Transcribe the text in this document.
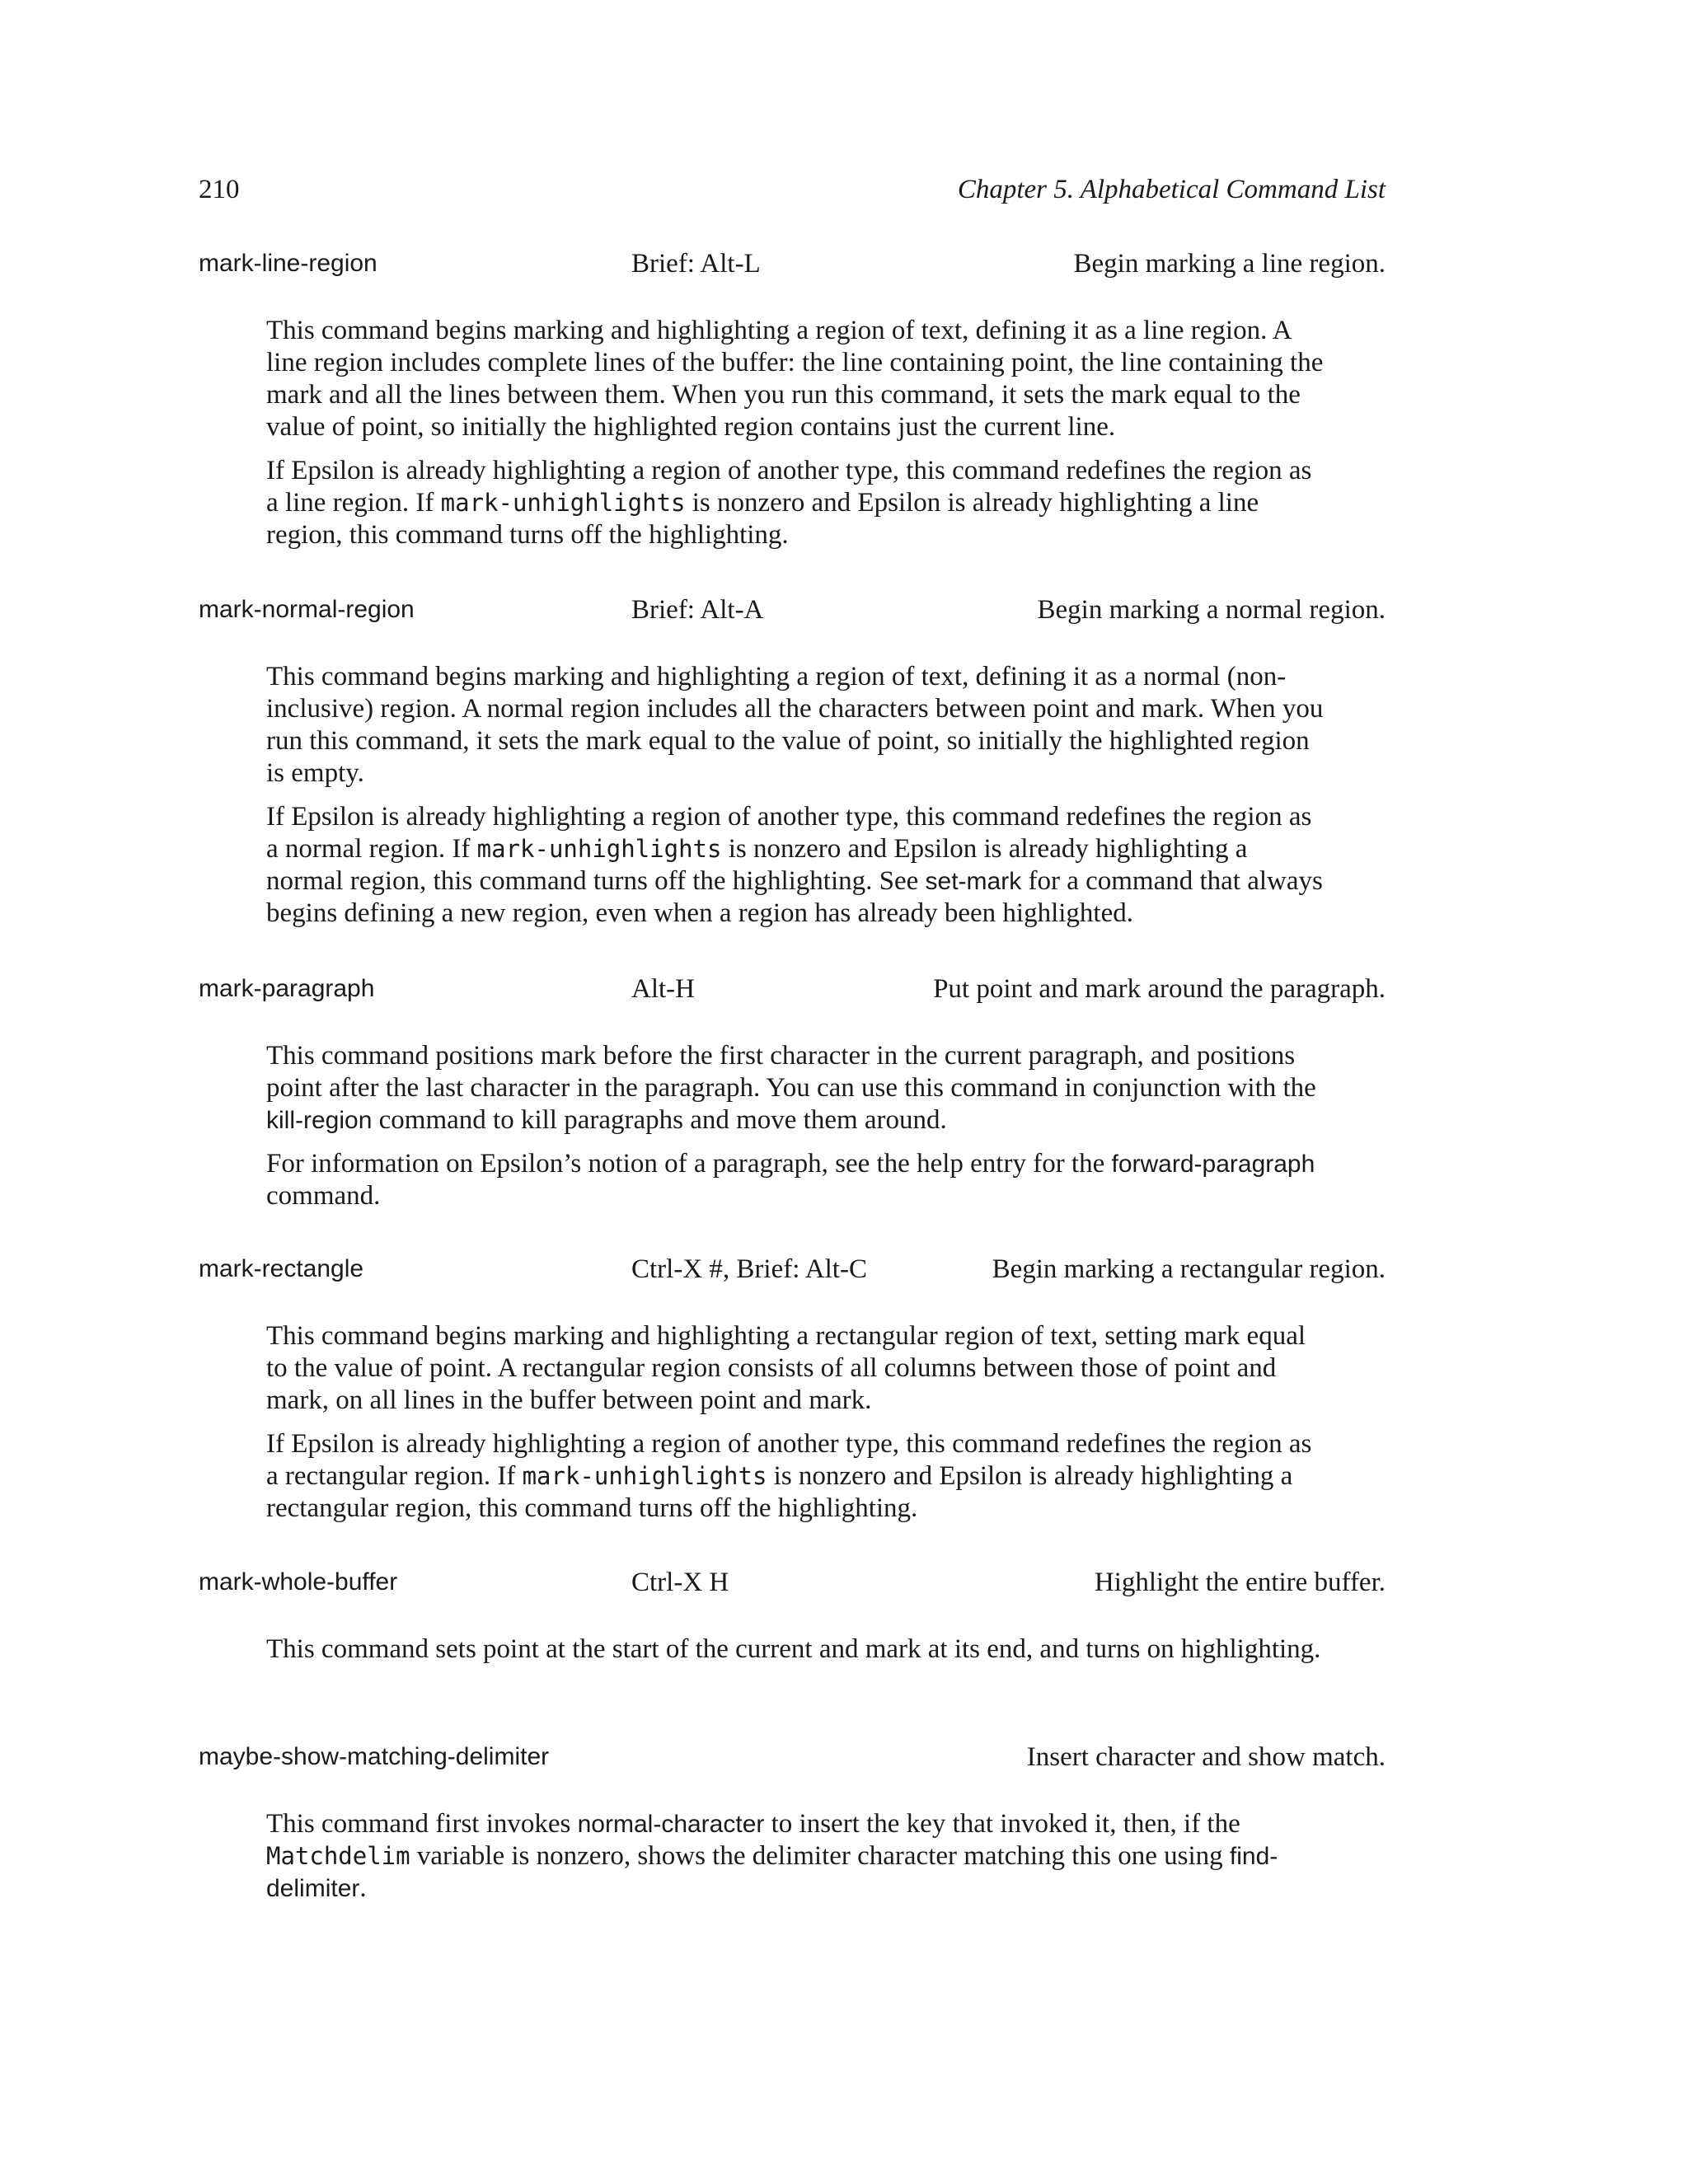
210	Chapter 5. Alphabetical Command List
mark-line-region	Brief: Alt-L	Begin marking a line region.

This command begins marking and highlighting a region of text, defining it as a line region. A line region includes complete lines of the buffer: the line containing point, the line containing the mark and all the lines between them. When you run this command, it sets the mark equal to the value of point, so initially the highlighted region contains just the current line.

If Epsilon is already highlighting a region of another type, this command redefines the region as a line region. If mark-unhighlights is nonzero and Epsilon is already highlighting a line region, this command turns off the highlighting.

mark-normal-region	Brief: Alt-A	Begin marking a normal region.

This command begins marking and highlighting a region of text, defining it as a normal (non-inclusive) region. A normal region includes all the characters between point and mark. When you run this command, it sets the mark equal to the value of point, so initially the highlighted region is empty.

If Epsilon is already highlighting a region of another type, this command redefines the region as a normal region. If mark-unhighlights is nonzero and Epsilon is already highlighting a normal region, this command turns off the highlighting. See set-mark for a command that always begins defining a new region, even when a region has already been highlighted.

mark-paragraph	Alt-H	Put point and mark around the paragraph.

This command positions mark before the first character in the current paragraph, and positions point after the last character in the paragraph. You can use this command in conjunction with the kill-region command to kill paragraphs and move them around.

For information on Epsilon’s notion of a paragraph, see the help entry for the forward-paragraph command.

mark-rectangle	Ctrl-X #, Brief: Alt-C	Begin marking a rectangular region.

This command begins marking and highlighting a rectangular region of text, setting mark equal to the value of point. A rectangular region consists of all columns between those of point and mark, on all lines in the buffer between point and mark.

If Epsilon is already highlighting a region of another type, this command redefines the region as a rectangular region. If mark-unhighlights is nonzero and Epsilon is already highlighting a rectangular region, this command turns off the highlighting.

mark-whole-buffer	Ctrl-X H	Highlight the entire buffer.

This command sets point at the start of the current and mark at its end, and turns on highlighting.

maybe-show-matching-delimiter	Insert character and show match.

This command first invokes normal-character to insert the key that invoked it, then, if the Matchdelim variable is nonzero, shows the delimiter character matching this one using find-delimiter.
